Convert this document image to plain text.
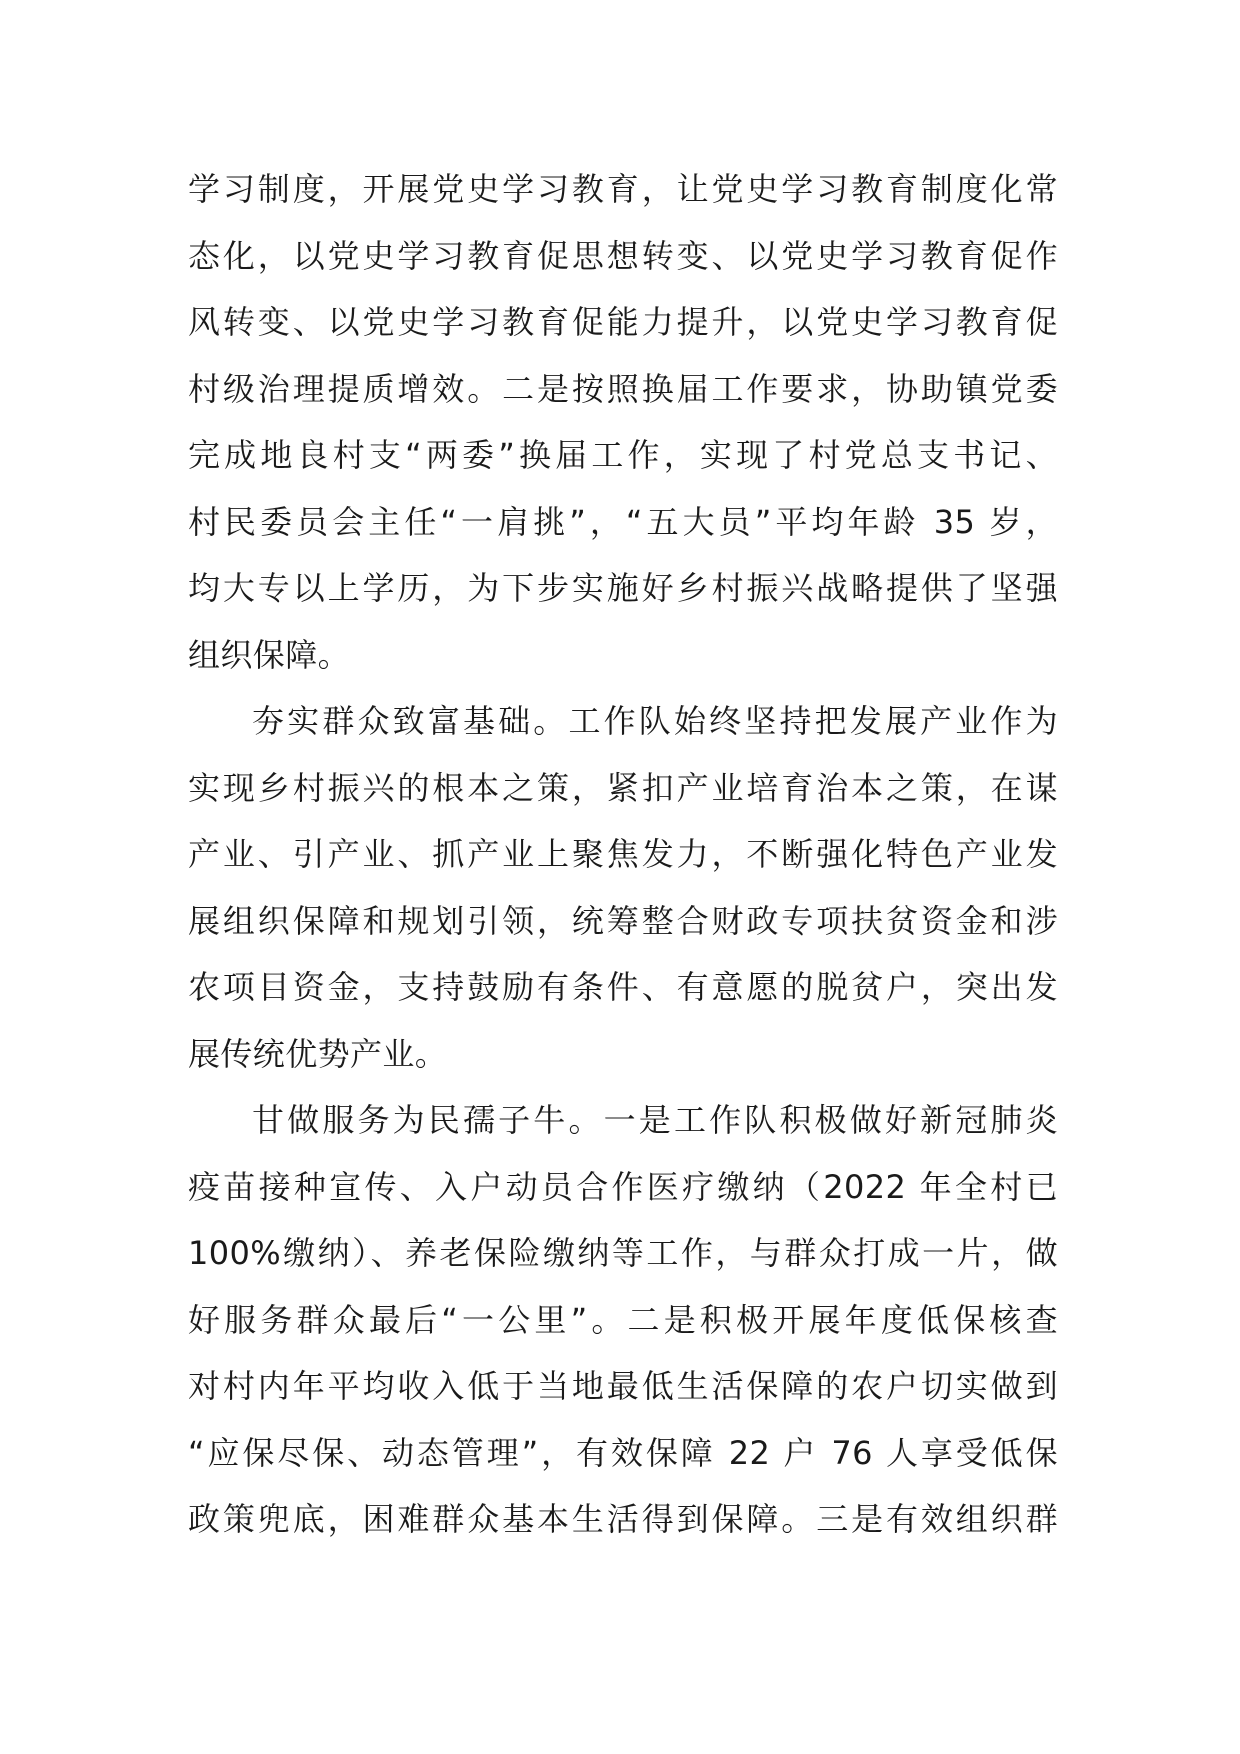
学习制度，开展党史学习教育，让党史学习教育制度化常
态化，以党史学习教育促思想转变、以党史学习教育促作
风转变、以党史学习教育促能力提升，以党史学习教育促
村级治理提质增效。二是按照换届工作要求，协助镇党委
完成地良村支“两委”换届工作，实现了村党总支书记、
村民委员会主任“一肩挑”，“五大员”平均年龄 35 岁，
均大专以上学历，为下步实施好乡村振兴战略提供了坚强
组织保障。
夯实群众致富基础。工作队始终坚持把发展产业作为
实现乡村振兴的根本之策，紧扣产业培育治本之策，在谋
产业、引产业、抓产业上聚焦发力，不断强化特色产业发
展组织保障和规划引领，统筹整合财政专项扶贫资金和涉
农项目资金，支持鼓励有条件、有意愿的脱贫户，突出发
展传统优势产业。
甘做服务为民孺子牛。一是工作队积极做好新冠肺炎
疫苗接种宣传、入户动员合作医疗缴纳（2022 年全村已
100%缴纳）、养老保险缴纳等工作，与群众打成一片，做
好服务群众最后“一公里”。二是积极开展年度低保核查
对村内年平均收入低于当地最低生活保障的农户切实做到
“应保尽保、动态管理”，有效保障 22 户 76 人享受低保
政策兜底，困难群众基本生活得到保障。三是有效组织群
